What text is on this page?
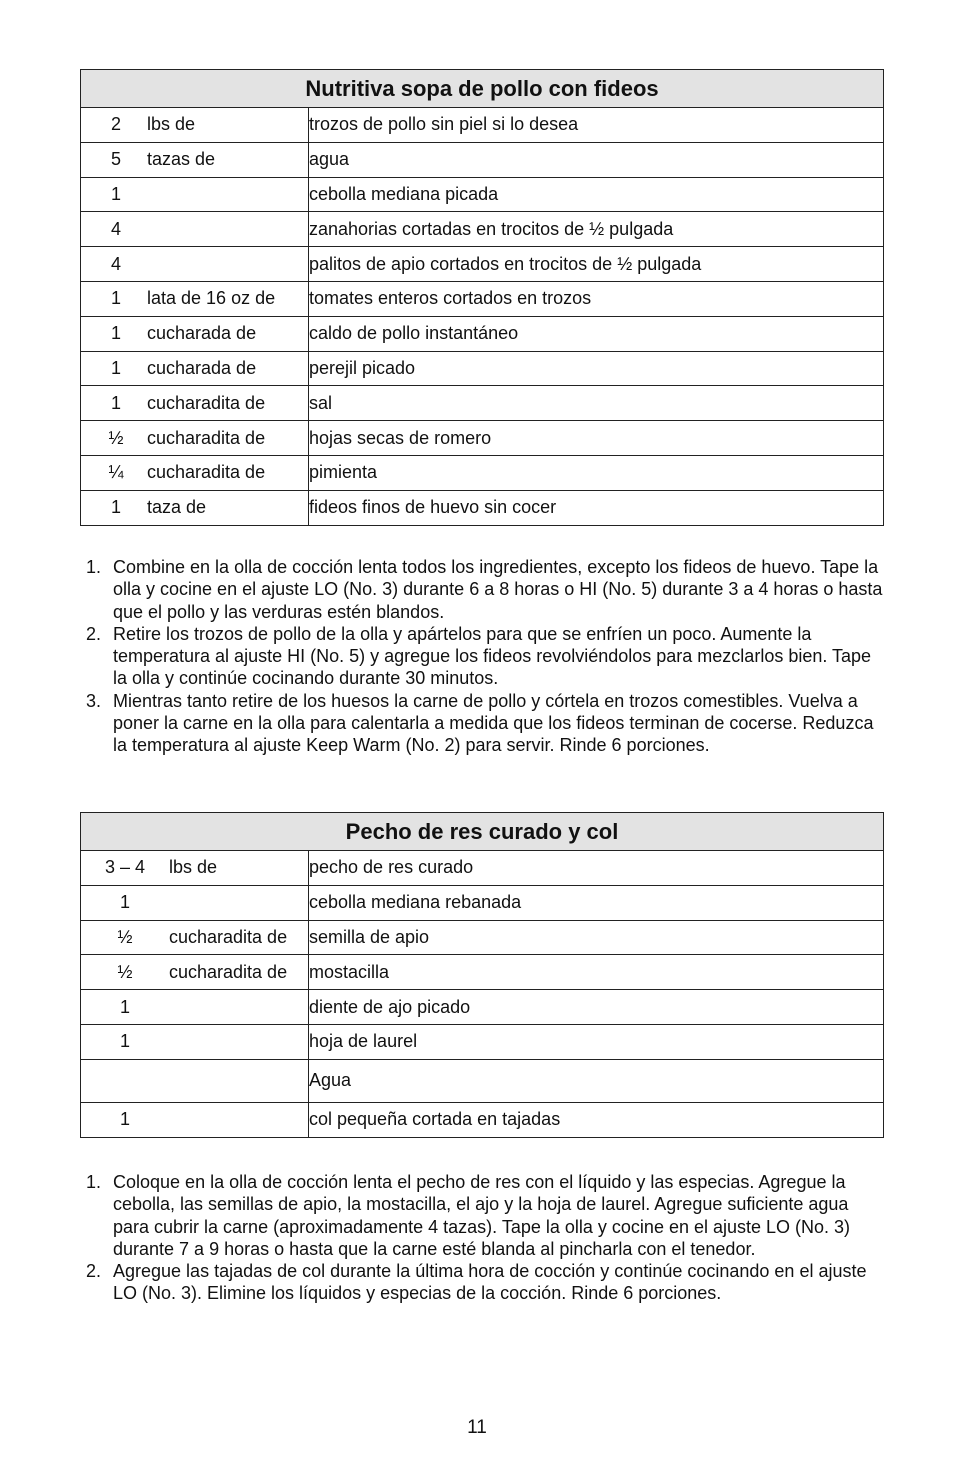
Nutritiva sopa de pollo con fideos	

2 lbs de	trozos de pollo sin piel si lo desea

5 tazas de	agua

1	cebolla mediana picada

4	zanahorias cortadas en trocitos de ½ pulgada

4	palitos de apio cortados en trocitos de ½ pulgada

1 lata de 16 oz de	tomates enteros cortados en trozos

1 cucharada de	caldo de pollo instantáneo

1 cucharada de	perejil picado

1 cucharadita de	sal

½ cucharadita de	hojas secas de romero

¼ cucharadita de	pimienta

1 taza de	fideos finos de huevo sin cocer
1. Combine en la olla de cocción lenta todos los ingredientes, excepto los fideos de huevo. Tape la olla y cocine en el ajuste LO (No. 3) durante 6 a 8 horas o HI (No. 5) durante 3 a 4 horas o hasta que el pollo y las verduras estén blandos.
2. Retire los trozos de pollo de la olla y apártelos para que se enfríen un poco. Aumente la temperatura al ajuste HI (No. 5) y agregue los fideos revolviéndolos para mezclarlos bien. Tape la olla y continúe cocinando durante 30 minutos.
3. Mientras tanto retire de los huesos la carne de pollo y córtela en trozos comestibles. Vuelva a poner la carne en la olla para calentarla a medida que los fideos terminan de cocerse. Reduzca la temperatura al ajuste Keep Warm (No. 2) para servir. Rinde 6 porciones.
Pecho de res curado y col	

3 – 4 lbs de	pecho de res curado

1	cebolla mediana rebanada

½ cucharadita de	semilla de apio

½ cucharadita de	mostacilla

1	diente de ajo picado

1	hoja de laurel

	Agua

1	col pequeña cortada en tajadas
1. Coloque en la olla de cocción lenta el pecho de res con el líquido y las especias. Agregue la cebolla, las semillas de apio, la mostacilla, el ajo y la hoja de laurel. Agregue suficiente agua para cubrir la carne (aproximadamente 4 tazas). Tape la olla y cocine en el ajuste LO (No. 3) durante 7 a 9 horas o hasta que la carne esté blanda al pincharla con el tenedor.
2. Agregue las tajadas de col durante la última hora de cocción y continúe cocinando en el ajuste LO (No. 3). Elimine los líquidos y especias de la cocción. Rinde 6 porciones.
11
